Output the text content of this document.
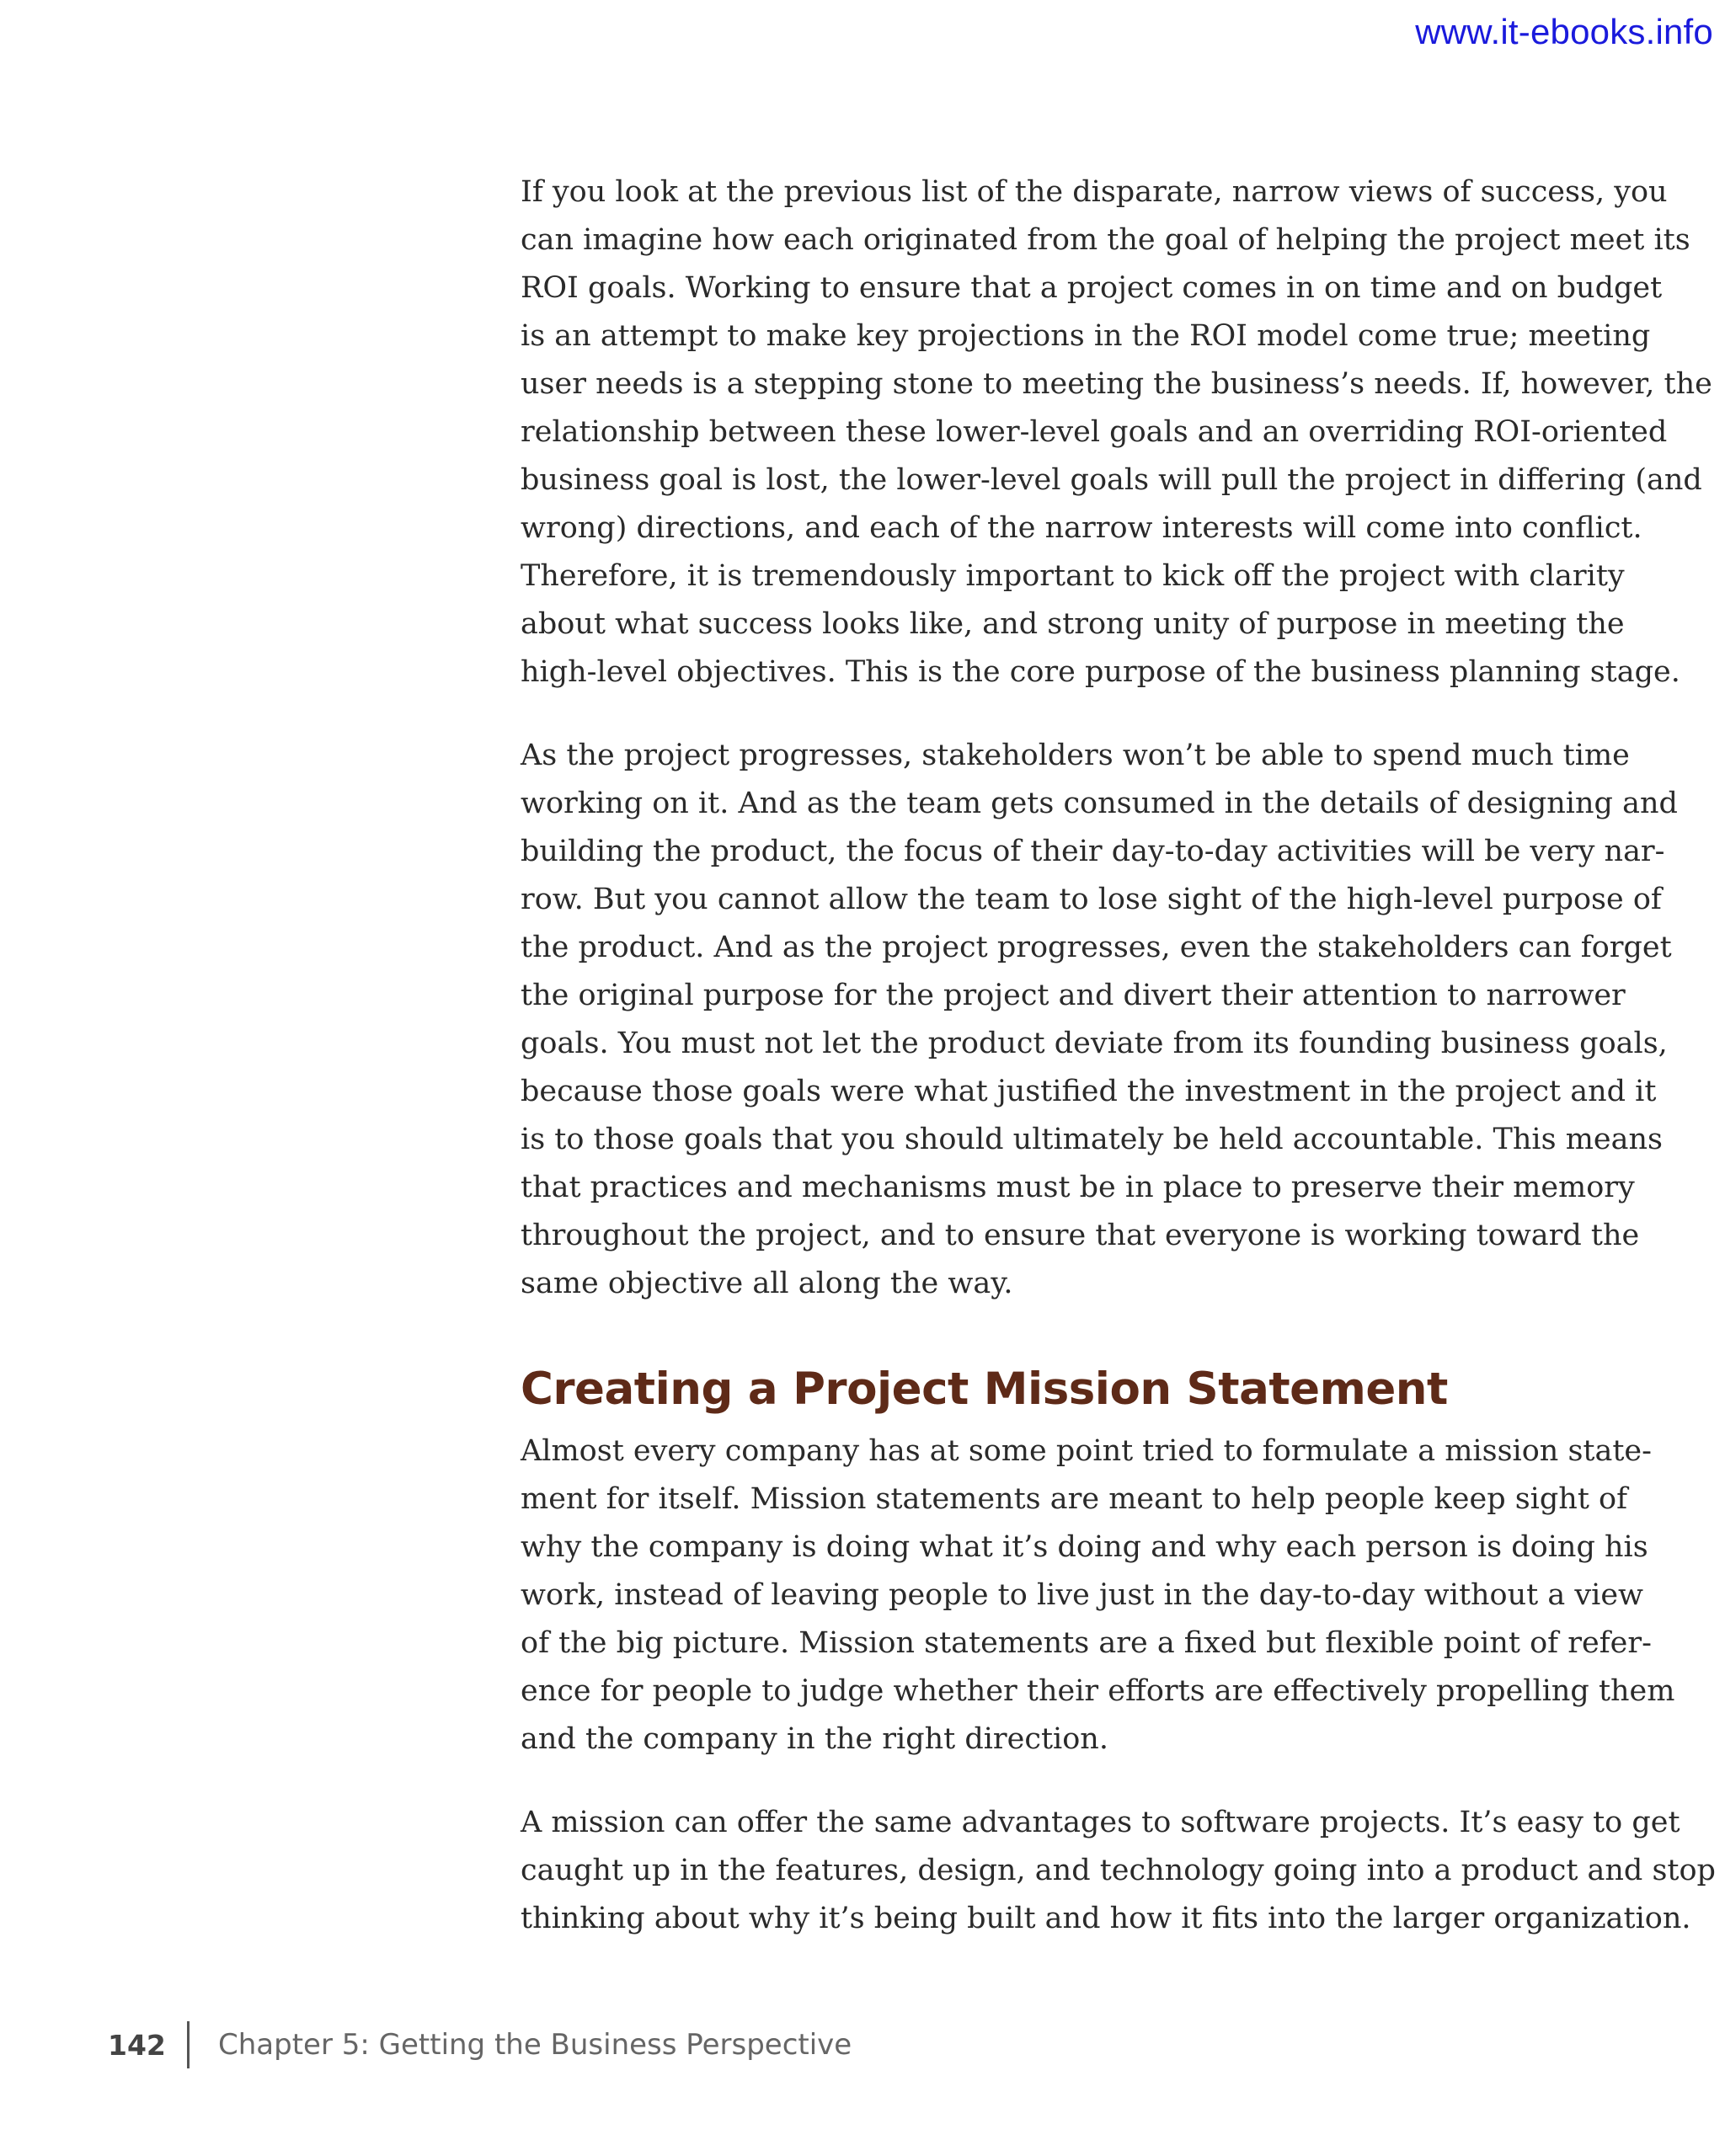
www.it-ebooks.info

If you look at the previous list of the disparate, narrow views of success, you
can imagine how each originated from the goal of helping the project meet its
ROI goals. Working to ensure that a project comes in on time and on budget
is an attempt to make key projections in the ROI model come true; meeting
user needs is a stepping stone to meeting the business’s needs. If, however, the
relationship between these lower-level goals and an overriding ROI-oriented
business goal is lost, the lower-level goals will pull the project in differing (and
wrong) directions, and each of the narrow interests will come into conflict.
Therefore, it is tremendously important to kick off the project with clarity
about what success looks like, and strong unity of purpose in meeting the
high-level objectives. This is the core purpose of the business planning stage.

As the project progresses, stakeholders won’t be able to spend much time
working on it. And as the team gets consumed in the details of designing and
building the product, the focus of their day-to-day activities will be very nar-
row. But you cannot allow the team to lose sight of the high-level purpose of
the product. And as the project progresses, even the stakeholders can forget
the original purpose for the project and divert their attention to narrower
goals. You must not let the product deviate from its founding business goals,
because those goals were what justified the investment in the project and it
is to those goals that you should ultimately be held accountable. This means
that practices and mechanisms must be in place to preserve their memory
throughout the project, and to ensure that everyone is working toward the
same objective all along the way.

Creating a Project Mission Statement

Almost every company has at some point tried to formulate a mission state-
ment for itself. Mission statements are meant to help people keep sight of
why the company is doing what it’s doing and why each person is doing his
work, instead of leaving people to live just in the day-to-day without a view
of the big picture. Mission statements are a fixed but flexible point of refer-
ence for people to judge whether their efforts are effectively propelling them
and the company in the right direction.

A mission can offer the same advantages to software projects. It’s easy to get
caught up in the features, design, and technology going into a product and stop
thinking about why it’s being built and how it fits into the larger organization.

142	Chapter 5: Getting the Business Perspective
